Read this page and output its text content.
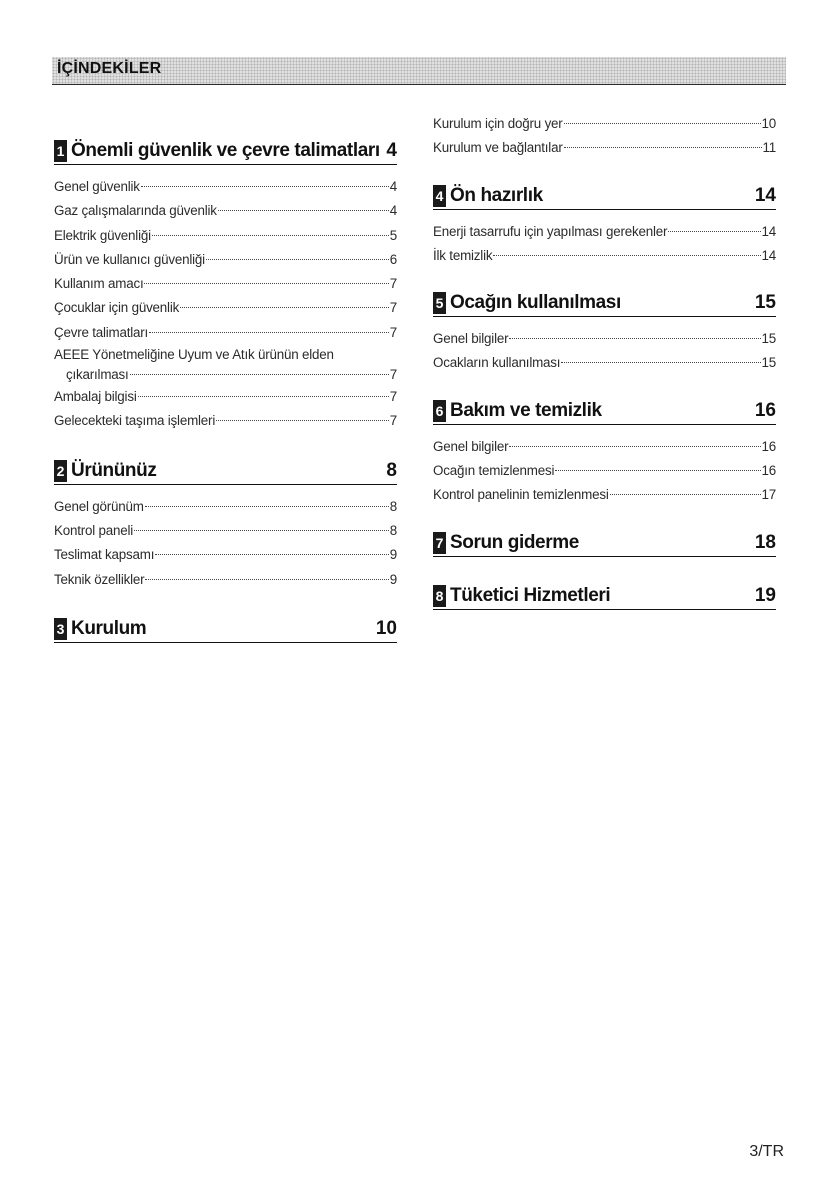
İÇİNDEKİLER
1 Önemli güvenlik ve çevre talimatları 4
Genel güvenlik	4
Gaz çalışmalarında güvenlik	4
Elektrik güvenliği	5
Ürün ve kullanıcı güvenliği	6
Kullanım amacı	7
Çocuklar için güvenlik	7
Çevre talimatları	7
AEEE Yönetmeliğine Uyum ve Atık ürünün elden
çıkarılması	7
Ambalaj bilgisi	7
Gelecekteki taşıma işlemleri	7
2 Ürününüz	8
Genel görünüm	8
Kontrol paneli	8
Teslimat kapsamı	9
Teknik özellikler	9
3 Kurulum	10
Kurulum için doğru yer	10
Kurulum ve bağlantılar	11
4 Ön hazırlık	14
Enerji tasarrufu için yapılması gerekenler	14
İlk temizlik	14
5 Ocağın kullanılması	15
Genel bilgiler	15
Ocakların kullanılması	15
6 Bakım ve temizlik	16
Genel bilgiler	16
Ocağın temizlenmesi	16
Kontrol panelinin temizlenmesi	17
7 Sorun giderme	18
8 Tüketici Hizmetleri	19
3/TR
